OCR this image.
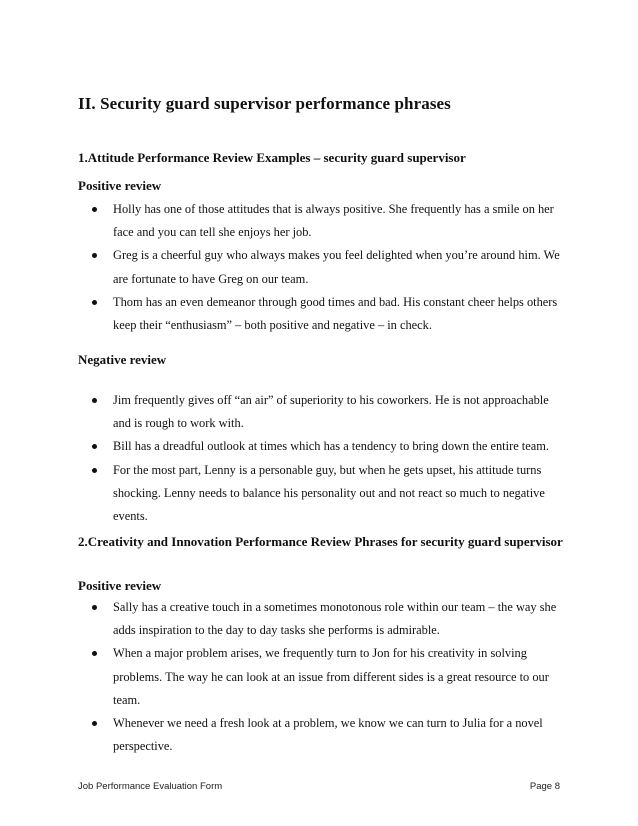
II. Security guard supervisor performance phrases
1.Attitude Performance Review Examples – security guard supervisor
Positive review
Holly has one of those attitudes that is always positive. She frequently has a smile on her face and you can tell she enjoys her job.
Greg is a cheerful guy who always makes you feel delighted when you’re around him. We are fortunate to have Greg on our team.
Thom has an even demeanor through good times and bad. His constant cheer helps others keep their “enthusiasm” – both positive and negative – in check.
Negative review
Jim frequently gives off “an air” of superiority to his coworkers. He is not approachable and is rough to work with.
Bill has a dreadful outlook at times which has a tendency to bring down the entire team.
For the most part, Lenny is a personable guy, but when he gets upset, his attitude turns shocking. Lenny needs to balance his personality out and not react so much to negative events.
2.Creativity and Innovation Performance Review Phrases for security guard supervisor
Positive review
Sally has a creative touch in a sometimes monotonous role within our team – the way she adds inspiration to the day to day tasks she performs is admirable.
When a major problem arises, we frequently turn to Jon for his creativity in solving problems. The way he can look at an issue from different sides is a great resource to our team.
Whenever we need a fresh look at a problem, we know we can turn to Julia for a novel perspective.
Job Performance Evaluation Form	Page 8
